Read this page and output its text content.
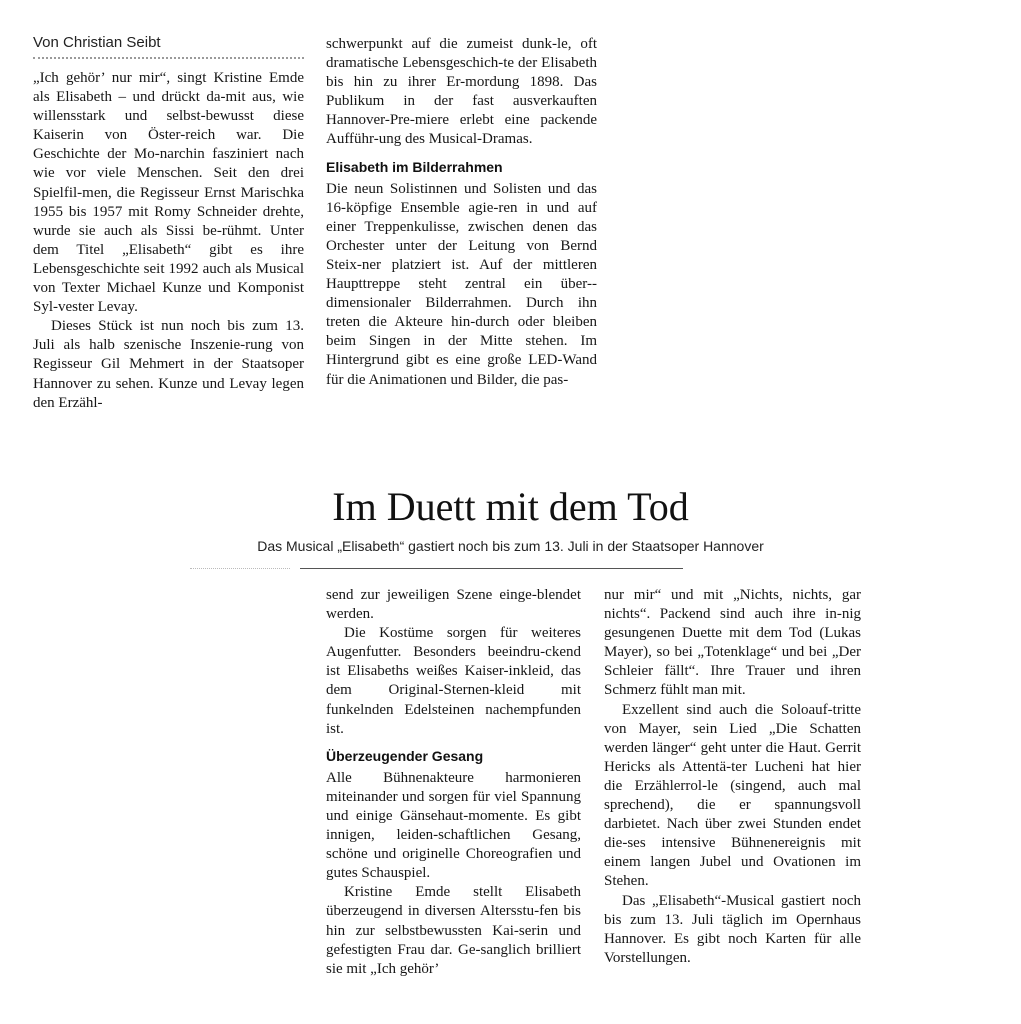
Von Christian Seibt

„Ich gehör’ nur mir“, singt Kristine Emde als Elisabeth – und drückt da-mit aus, wie willensstark und selbst-bewusst diese Kaiserin von Öster-reich war. Die Geschichte der Mo-narchin fasziniert nach wie vor viele Menschen. Seit den drei Spielfil-men, die Regisseur Ernst Marischka 1955 bis 1957 mit Romy Schneider drehte, wurde sie auch als Sissi be-rühmt. Unter dem Titel „Elisabeth“ gibt es ihre Lebensgeschichte seit 1992 auch als Musical von Texter Michael Kunze und Komponist Syl-vester Levay.

Dieses Stück ist nun noch bis zum 13. Juli als halb szenische Inszenie-rung von Regisseur Gil Mehmert in der Staatsoper Hannover zu sehen. Kunze und Levay legen den Erzähl-

schwerpunkt auf die zumeist dunk-le, oft dramatische Lebensgeschich-te der Elisabeth bis hin zu ihrer Er-mordung 1898. Das Publikum in der fast ausverkauften Hannover-Pre-miere erlebt eine packende Aufführ-ung des Musical-Dramas.

Elisabeth im Bilderrahmen

Die neun Solistinnen und Solisten und das 16-köpfige Ensemble agie-ren in und auf einer Treppenkulisse, zwischen denen das Orchester unter der Leitung von Bernd Steix-ner platziert ist. Auf der mittleren Haupttreppe steht zentral ein über-dimensionaler Bilderrahmen. Durch ihn treten die Akteure hin-durch oder bleiben beim Singen in der Mitte stehen. Im Hintergrund gibt es eine große LED-Wand für die Animationen und Bilder, die pas-

Im Duett mit dem Tod

Das Musical „Elisabeth“ gastiert noch bis zum 13. Juli in der Staatsoper Hannover

send zur jeweiligen Szene einge-blendet werden.

Die Kostüme sorgen für weiteres Augenfutter. Besonders beeindru-ckend ist Elisabeths weißes Kaiser-inkleid, das dem Original-Sternen-kleid mit funkelnden Edelsteinen nachempfunden ist.

Überzeugender Gesang

Alle Bühnenakteure harmonieren miteinander und sorgen für viel Spannung und einige Gänsehaut-momente. Es gibt innigen, leiden-schaftlichen Gesang, schöne und originelle Choreografien und gutes Schauspiel.

Kristine Emde stellt Elisabeth überzeugend in diversen Altersstu-fen bis hin zur selbstbewussten Kai-serin und gefestigten Frau dar. Ge-sanglich brilliert sie mit „Ich gehör’

nur mir“ und mit „Nichts, nichts, gar nichts“. Packend sind auch ihre in-nig gesungenen Duette mit dem Tod (Lukas Mayer), so bei „Totenklage“ und bei „Der Schleier fällt“. Ihre Trauer und ihren Schmerz fühlt man mit.

Exzellent sind auch die Soloauf-tritte von Mayer, sein Lied „Die Schatten werden länger“ geht unter die Haut. Gerrit Hericks als Attentä-ter Lucheni hat hier die Erzählerrol-le (singend, auch mal sprechend), die er spannungsvoll darbietet. Nach über zwei Stunden endet die-ses intensive Bühnenereignis mit einem langen Jubel und Ovationen im Stehen.

Das „Elisabeth“-Musical gastiert noch bis zum 13. Juli täglich im Opernhaus Hannover. Es gibt noch Karten für alle Vorstellungen.
